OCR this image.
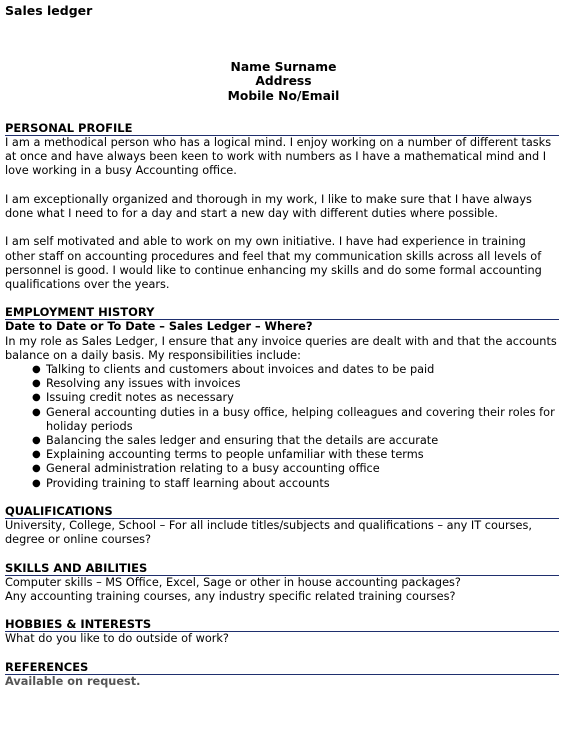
Sales ledger
Name Surname
Address
Mobile No/Email
PERSONAL PROFILE

I am a methodical person who has a logical mind. I enjoy working on a number of different tasks at once and have always been keen to work with numbers as I have a mathematical mind and I love working in a busy Accounting office.

I am exceptionally organized and thorough in my work, I like to make sure that I have always done what I need to for a day and start a new day with different duties where possible.

I am self motivated and able to work on my own initiative. I have had experience in training other staff on accounting procedures and feel that my communication skills across all levels of personnel is good. I would like to continue enhancing my skills and do some formal accounting qualifications over the years.

EMPLOYMENT HISTORY
Date to Date or To Date – Sales Ledger – Where?

In my role as Sales Ledger, I ensure that any invoice queries are dealt with and that the accounts balance on a daily basis. My responsibilities include:

● Talking to clients and customers about invoices and dates to be paid
● Resolving any issues with invoices
● Issuing credit notes as necessary
● General accounting duties in a busy office, helping colleagues and covering their roles for holiday periods
● Balancing the sales ledger and ensuring that the details are accurate
● Explaining accounting terms to people unfamiliar with these terms
● General administration relating to a busy accounting office
● Providing training to staff learning about accounts
QUALIFICATIONS

University, College, School – For all include titles/subjects and qualifications – any IT courses, degree or online courses?

SKILLS AND ABILITIES

Computer skills – MS Office, Excel, Sage or other in house accounting packages?

Any accounting training courses, any industry specific related training courses?

HOBBIES & INTERESTS

What do you like to do outside of work?

REFERENCES

Available on request.
